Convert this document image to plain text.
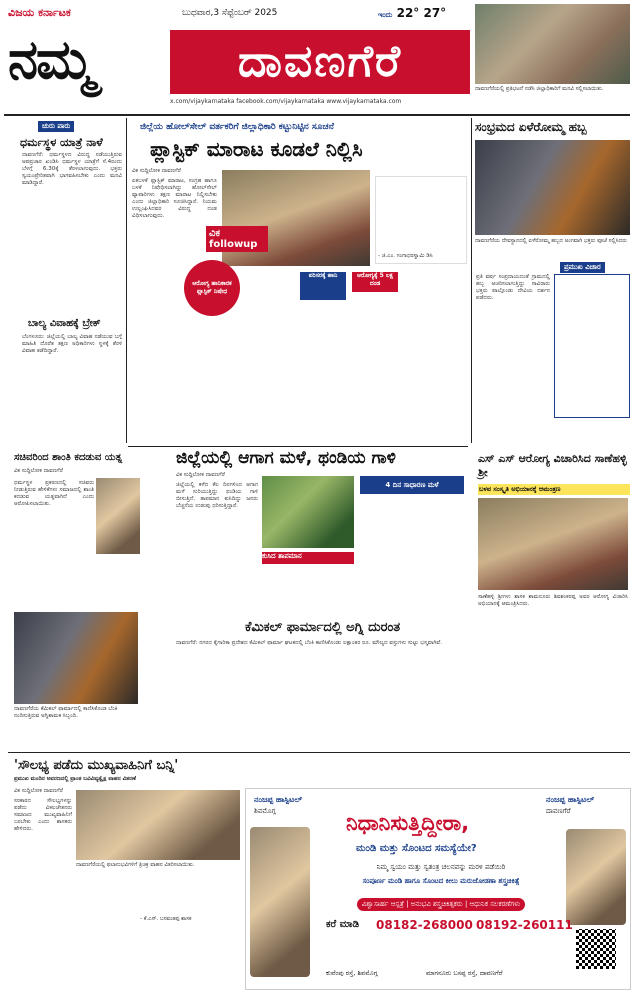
ವಿಜಯ ಕರ್ನಾಟಕ	ಬುಧವಾರ,3 ಸೆಪ್ಟೆಂಬರ್ 2025	ಇಂದು 22° 27°
ನಮ್ಮ	ದಾವಣಗೆರೆ
x.com/vijaykarnataka facebook.com/vijaykarnataka www.vijaykarnataka.com
ದಾವಣಗೆರೆಯಲ್ಲಿ ಪ್ರತಿಭಟನೆ ನಡೆಸಿ ಜಿಲ್ಲಾಧಿಕಾರಿಗೆ ಮನವಿ ಸಲ್ಲಿಸಲಾಯಿತು.
ಚುರು ಪಾರು
ಧರ್ಮಸ್ಥಳ ಯಾತ್ರೆ ನಾಳೆ
ದಾವಣಗೆರೆ: ಧರ್ಮಸ್ಥಳದ ವಿರುದ್ಧ ನಡೆಯುತ್ತಿರುವ ಅಪಪ್ರಚಾರ ಖಂಡಿಸಿ ಧರ್ಮಸ್ಥಳ ಯಾತ್ರೆಗೆ ಸೆ.4ರಂದು ಬೆಳಗ್ಗೆ 6.30ಕ್ಕೆ ತೆರಳಲಾಗುವುದು. ಭಕ್ತರು ಸ್ವಯಂಪ್ರೇರಿತವಾಗಿ ಭಾಗವಹಿಸಬೇಕು ಎಂದು ಮನವಿ ಮಾಡಿದ್ದಾರೆ.
ಬಾಲ್ಯ ವಿವಾಹಕ್ಕೆ ಬ್ರೇಕ್
ಬೆಂಗಳೂರು: ಜಿಲ್ಲೆಯಲ್ಲಿ ಬಾಲ್ಯ ವಿವಾಹ ನಡೆಯುವ ಬಗ್ಗೆ ಮಾಹಿತಿ ದೊರೆತ ತಕ್ಷಣ ಅಧಿಕಾರಿಗಳು ಸ್ಥಳಕ್ಕೆ ತೆರಳಿ ವಿವಾಹ ತಡೆದಿದ್ದಾರೆ.
ಜಿಲ್ಲೆಯ ಹೋಲ್‌ಸೇಲ್ ವರ್ತಕರಿಗೆ ಜಿಲ್ಲಾಧಿಕಾರಿ ಕಟ್ಟುನಿಟ್ಟಿನ ಸೂಚನೆ
ಪ್ಲಾಸ್ಟಿಕ್ ಮಾರಾಟ ಕೂಡಲೆ ನಿಲ್ಲಿಸಿ
ವಿಕ ಸುದ್ದಿಲೋಕ ದಾವಣಗೆರೆ
ಏಕಬಳಕೆ ಪ್ಲಾಸ್ಟಿಕ್ ಮಾರಾಟ, ಸಂಗ್ರಹ ಹಾಗೂ ಬಳಕೆ ನಿಷೇಧಿಸಲಾಗಿದ್ದು ಹೋಲ್‌ಸೇಲ್ ವ್ಯಾಪಾರಿಗಳು ತಕ್ಷಣ ಮಾರಾಟ ನಿಲ್ಲಿಸಬೇಕು ಎಂದು ಜಿಲ್ಲಾಧಿಕಾರಿ ಸೂಚಿಸಿದ್ದಾರೆ. ನಿಯಮ ಉಲ್ಲಂಘಿಸಿದವರ ವಿರುದ್ಧ ದಂಡ ವಿಧಿಸಲಾಗುವುದು.
ವಿಕ followup
ಆರೋಗ್ಯ ಹಾನಿಕಾರಕ ಪ್ಲಾಸ್ಟಿಕ್ ನಿಷೇಧ
- ಜಿ.ಎಂ. ಗಂಗಾಧರಸ್ವಾಮಿ ಡಿಸಿ
ಪರಿಸರಕ್ಕೆ ಹಾನಿ	ಆರೋಗ್ಯಕ್ಕೆ 5 ಲಕ್ಷ ದಂಡ
ಸಂಭ್ರಮದ ಏಳೆರೋಮ್ಮ ಹಬ್ಬ
ದಾವಣಗೆರೆಯ ದೇವಸ್ಥಾನದಲ್ಲಿ ಏಳೆರೋಮ್ಮ ಹಬ್ಬದ ಅಂಗವಾಗಿ ಭಕ್ತರು ಪೂಜೆ ಸಲ್ಲಿಸಿದರು
ಪ್ರಮುಖ ವಿಚಾರ
ಪ್ರತಿ ವರ್ಷ ಸಂಪ್ರದಾಯದಂತೆ ಗ್ರಾಮದಲ್ಲಿ ಹಬ್ಬ ಆಚರಿಸಲಾಗುತ್ತಿದ್ದು ಸಾವಿರಾರು ಭಕ್ತರು ಪಾಲ್ಗೊಂಡು ದೇವಿಯ ದರ್ಶನ ಪಡೆದರು.
ಸಚಿವರಿಂದ ಶಾಂತಿ ಕದಡುವ ಯತ್ನ
ವಿಕ ಸುದ್ದಿಲೋಕ ದಾವಣಗೆರೆ
ಧರ್ಮಸ್ಥಳ ಪ್ರಕರಣದಲ್ಲಿ ಸಚಿವರು ನೀಡುತ್ತಿರುವ ಹೇಳಿಕೆಗಳು ಸಮಾಜದಲ್ಲಿ ಶಾಂತಿ ಕದಡುವ ಯತ್ನವಾಗಿದೆ ಎಂದು ಆರೋಪಿಸಲಾಯಿತು.
ದಾವಣಗೆರೆಯ ಕೆಮಿಕಲ್ ಫಾರ್ಮಾದಲ್ಲಿ ಕಾಣಿಸಿಕೊಂಡ ಬೆಂಕಿ ನಂದಿಸುತ್ತಿರುವ ಅಗ್ನಿಶಾಮಕ ಸಿಬ್ಬಂದಿ.
ಜಿಲ್ಲೆಯಲ್ಲಿ ಆಗಾಗ ಮಳೆ, ಥಂಡಿಯ ಗಾಳಿ
ವಿಕ ಸುದ್ದಿಲೋಕ ದಾವಣಗೆರೆ
ಜಿಲ್ಲೆಯಲ್ಲಿ ಕಳೆದ ಕೆಲ ದಿನಗಳಿಂದ ಆಗಾಗ ಮಳೆ ಸುರಿಯುತ್ತಿದ್ದು ಥಂಡಿಯ ಗಾಳಿ ಬೀಸುತ್ತಿದೆ. ತಾಪಮಾನ ಕುಸಿದಿದ್ದು ಜನರು ಬೆಚ್ಚನೆಯ ಉಡುಪು ಧರಿಸುತ್ತಿದ್ದಾರೆ.
4 ದಿನ ಸಾಧಾರಣ ಮಳೆ
ಕುಸಿದ ತಾಪಮಾನ
ಎಸ್ ಎಸ್ ಆರೋಗ್ಯ ವಿಚಾರಿಸಿದ ಸಾಣೆಹಳ್ಳಿ ಶ್ರೀ
ಬಳವ ಸಂಸ್ಕೃತಿ ಅಭಿಯಾನಕ್ಕೆ ಆಮಂತ್ರಣ
ಸಾಣೆಹಳ್ಳಿ ಶ್ರೀಗಳು ಶಾಸಕ ಶಾಮನೂರು ಶಿವಶಂಕರಪ್ಪ ಅವರ ಆರೋಗ್ಯ ವಿಚಾರಿಸಿ ಅಭಿಯಾನಕ್ಕೆ ಆಮಂತ್ರಿಸಿದರು.
ಕೆಮಿಕಲ್ ಫಾರ್ಮಾದಲ್ಲಿ ಅಗ್ನಿ ದುರಂತ
ದಾವಣಗೆರೆ: ನಗರದ ಕೈಗಾರಿಕಾ ಪ್ರದೇಶದ ಕೆಮಿಕಲ್ ಫಾರ್ಮಾ ಘಟಕದಲ್ಲಿ ಬೆಂಕಿ ಕಾಣಿಸಿಕೊಂಡು ಲಕ್ಷಾಂತರ ರೂ. ಮೌಲ್ಯದ ವಸ್ತುಗಳು ಸುಟ್ಟು ಭಸ್ಮವಾಗಿವೆ.
'ಸೌಲಭ್ಯ ಪಡೆದು ಮುಖ್ಯವಾಹಿನಿಗೆ ಬನ್ನಿ'
ಪ್ರಮುಖ ಮಂದಿರ ಅವರಣದಲ್ಲಿ ಪ್ರಾಂತ ಬವಿವಿವ್ಯತ್ವೈಕ್ಷ ವಾಹನ ವಿತರಣೆ
ವಿಕ ಸುದ್ದಿಲೋಕ ದಾವಣಗೆರೆ
ಸರಕಾರದ ಸೌಲಭ್ಯಗಳನ್ನು ಪಡೆದು ವಿಕಲಚೇತನರು ಸಮಾಜದ ಮುಖ್ಯವಾಹಿನಿಗೆ ಬರಬೇಕು ಎಂದು ಶಾಸಕರು ಹೇಳಿದರು.
ದಾವಣಗೆರೆಯಲ್ಲಿ ಫಲಾನುಭವಿಗಳಿಗೆ ತ್ರಿಚಕ್ರ ವಾಹನ ವಿತರಿಸಲಾಯಿತು.
- ಕೆ.ಎಸ್. ಬಸವಂತಪ್ಪ ಶಾಸಕ
ನಂಜಪ್ಪ ಹಾಸ್ಪಿಟಲ್
ಶಿವಮೊಗ್ಗ
ನಂಜಪ್ಪ ಹಾಸ್ಪಿಟಲ್
ದಾವಣಗೆರೆ
ನಿಧಾನಿಸುತ್ತಿದ್ದೀರಾ,
ಮಂಡಿ ಮತ್ತು ಸೊಂಟದ ಸಮಸ್ಯೆಯೇ?
ನಿಮ್ಮ ಸ್ವಯಂ ಮತ್ತು ಸ್ವತಂತ್ರ ಚಲನವನ್ನು ಮರಳಿ ಪಡೆಯಿರಿ
ಸಂಪೂರ್ಣ ಮಂಡಿ ಹಾಗೂ ಸೊಂಟದ ಕೀಲು ಮರುಜೋಡಣಾ ಶಸ್ತ್ರಚಿಕಿತ್ಸೆ
ವಿಶ್ವಾಸಾರ್ಹ ಆಸ್ಪತ್ರೆ | ಅನುಭವಿ ಶಸ್ತ್ರಚಿಕಿತ್ಸಕರು | ಆಧುನಿಕ ಸಲಕರಣೆಗಳು
ಕರೆ ಮಾಡಿ 08182-268000 08192-260111
ಕುವೆಂಪು ರಸ್ತೆ, ಶಿವಮೊಗ್ಗ	ಮಾಗನೂರು ಬಸಪ್ಪ ರಸ್ತೆ, ದಾವಣಗೆರೆ
